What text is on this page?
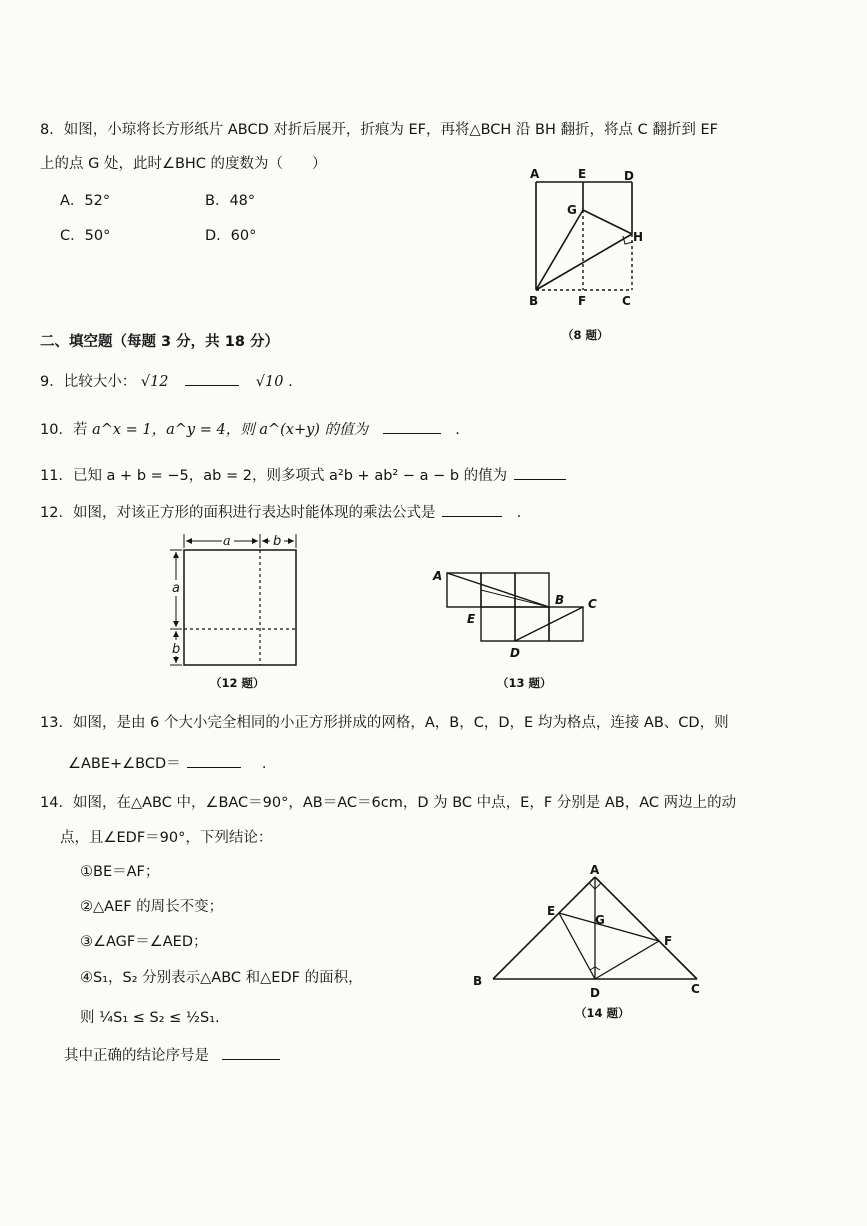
8．如图，小琼将长方形纸片 ABCD 对折后展开，折痕为 EF，再将△BCH 沿 BH 翻折，将点 C 翻折到 EF
上的点 G 处，此时∠BHC 的度数为（　　）
A．52°	B．48°
C．50°	D．60°
A	E	D
G
H
B	F	C
（8 题）
二、填空题（每题 3 分，共 18 分）
9．比较大小： √12	√10 .
10．若 a^x = 1，a^y = 4，则 a^(x+y) 的值为	.
11．已知 a + b = −5，ab = 2，则多项式 a²b + ab² − a − b 的值为
12．如图，对该正方形的面积进行表达时能体现的乘法公式是	.
a	b
a
b
（12 题）
A
B C
D
E
（13 题）
13．如图，是由 6 个大小完全相同的小正方形拼成的网格，A，B，C，D，E 均为格点，连接 AB、CD，则
∠ABE+∠BCD＝	.
14．如图，在△ABC 中，∠BAC＝90°，AB＝AC＝6cm，D 为 BC 中点，E，F 分别是 AB，AC 两边上的动
点，且∠EDF＝90°，下列结论：
①BE＝AF；
②△AEF 的周长不变；
③∠AGF＝∠AED；
④S₁，S₂ 分别表示△ABC 和△EDF 的面积，
则 ¼S₁ ≤ S₂ ≤ ½S₁.
其中正确的结论序号是
A
E
G
F
B
D	C
（14 题）
